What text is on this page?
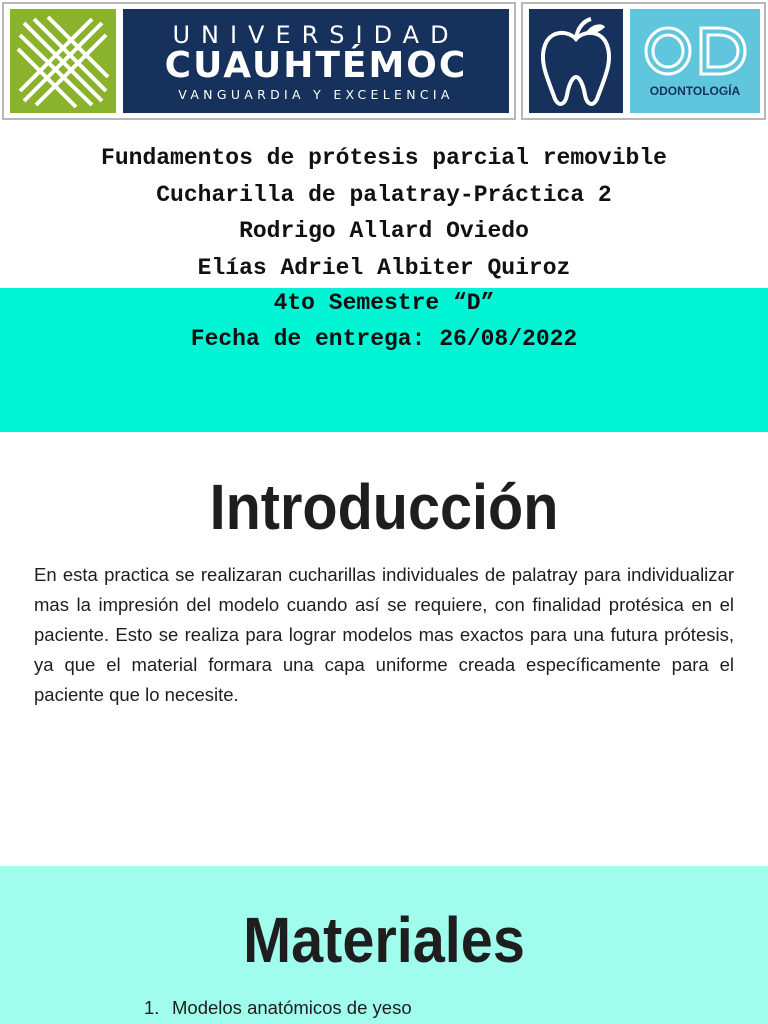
UNIVERSIDAD
CUAUHTÉMOC
VANGUARDIA Y EXCELENCIA	ODONTOLOGÍA
Fundamentos de prótesis parcial removible
Cucharilla de palatray-Práctica 2
Rodrigo Allard Oviedo
Elías Adriel Albiter Quiroz
4to Semestre “D”
Fecha de entrega: 26/08/2022
Introducción
En esta practica se realizaran cucharillas individuales de palatray para individualizar mas la impresión del modelo cuando así se requiere, con finalidad protésica en el paciente. Esto se realiza para lograr modelos mas exactos para una futura prótesis, ya que el material formara una capa uniforme creada específicamente para el paciente que lo necesite.
Materiales
1. Modelos anatómicos de yeso
